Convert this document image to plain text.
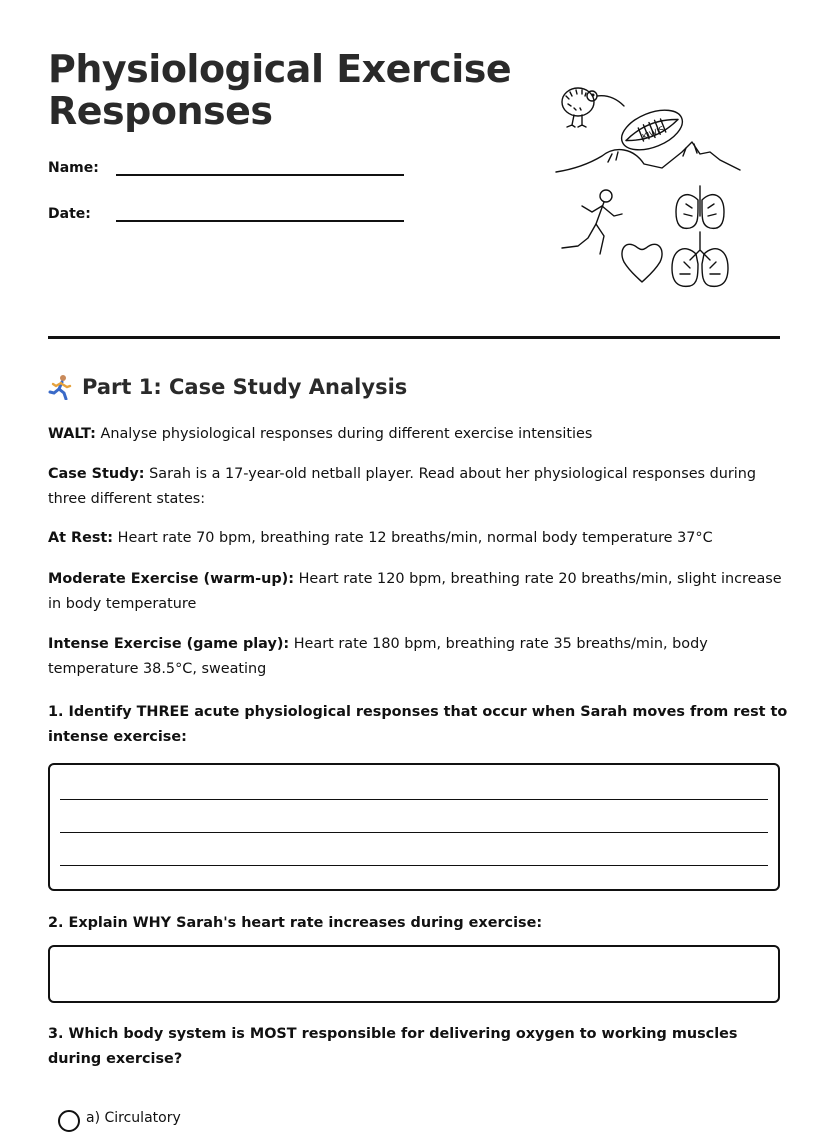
Physiological Exercise Responses
Name:
Date:
KIWIS
Part 1: Case Study Analysis
WALT: Analyse physiological responses during different exercise intensities
Case Study: Sarah is a 17-year-old netball player. Read about her physiological responses during three different states:
At Rest: Heart rate 70 bpm, breathing rate 12 breaths/min, normal body temperature 37°C
Moderate Exercise (warm-up): Heart rate 120 bpm, breathing rate 20 breaths/min, slight increase in body temperature
Intense Exercise (game play): Heart rate 180 bpm, breathing rate 35 breaths/min, body temperature 38.5°C, sweating
1. Identify THREE acute physiological responses that occur when Sarah moves from rest to intense exercise:
2. Explain WHY Sarah's heart rate increases during exercise:
3. Which body system is MOST responsible for delivering oxygen to working muscles during exercise?
a) Circulatory
